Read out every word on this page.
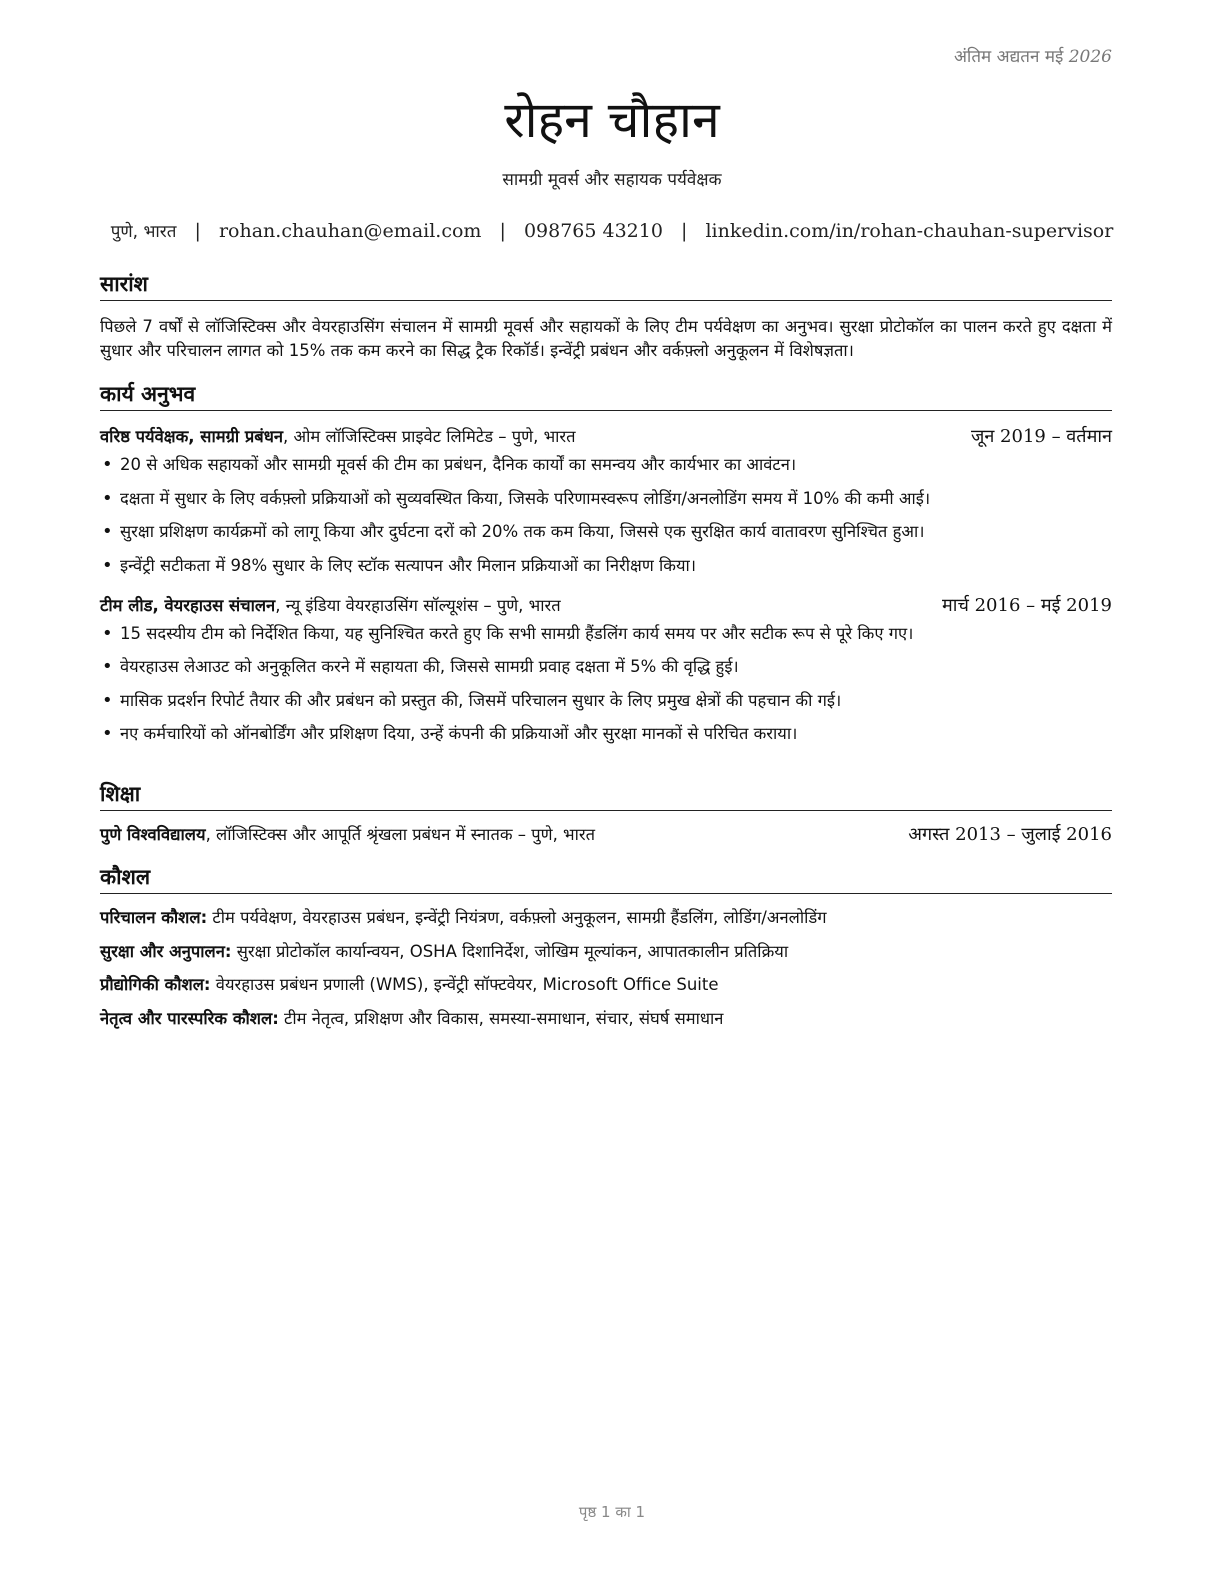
अंतिम अद्यतन मई 2026
रोहन चौहान
सामग्री मूवर्स और सहायक पर्यवेक्षक
पुणे, भारत | rohan.chauhan@email.com | 098765 43210 | linkedin.com/in/rohan-chauhan-supervisor
सारांश
पिछले 7 वर्षों से लॉजिस्टिक्स और वेयरहाउसिंग संचालन में सामग्री मूवर्स और सहायकों के लिए टीम पर्यवेक्षण का अनुभव। सुरक्षा प्रोटोकॉल का पालन करते हुए दक्षता में सुधार और परिचालन लागत को 15% तक कम करने का सिद्ध ट्रैक रिकॉर्ड। इन्वेंट्री प्रबंधन और वर्कफ़्लो अनुकूलन में विशेषज्ञता।
कार्य अनुभव
वरिष्ठ पर्यवेक्षक, सामग्री प्रबंधन, ओम लॉजिस्टिक्स प्राइवेट लिमिटेड – पुणे, भारत	जून 2019 – वर्तमान
• 20 से अधिक सहायकों और सामग्री मूवर्स की टीम का प्रबंधन, दैनिक कार्यों का समन्वय और कार्यभार का आवंटन।
• दक्षता में सुधार के लिए वर्कफ़्लो प्रक्रियाओं को सुव्यवस्थित किया, जिसके परिणामस्वरूप लोडिंग/अनलोडिंग समय में 10% की कमी आई।
• सुरक्षा प्रशिक्षण कार्यक्रमों को लागू किया और दुर्घटना दरों को 20% तक कम किया, जिससे एक सुरक्षित कार्य वातावरण सुनिश्चित हुआ।
• इन्वेंट्री सटीकता में 98% सुधार के लिए स्टॉक सत्यापन और मिलान प्रक्रियाओं का निरीक्षण किया।
टीम लीड, वेयरहाउस संचालन, न्यू इंडिया वेयरहाउसिंग सॉल्यूशंस – पुणे, भारत	मार्च 2016 – मई 2019
• 15 सदस्यीय टीम को निर्देशित किया, यह सुनिश्चित करते हुए कि सभी सामग्री हैंडलिंग कार्य समय पर और सटीक रूप से पूरे किए गए।
• वेयरहाउस लेआउट को अनुकूलित करने में सहायता की, जिससे सामग्री प्रवाह दक्षता में 5% की वृद्धि हुई।
• मासिक प्रदर्शन रिपोर्ट तैयार की और प्रबंधन को प्रस्तुत की, जिसमें परिचालन सुधार के लिए प्रमुख क्षेत्रों की पहचान की गई।
• नए कर्मचारियों को ऑनबोर्डिंग और प्रशिक्षण दिया, उन्हें कंपनी की प्रक्रियाओं और सुरक्षा मानकों से परिचित कराया।
शिक्षा
पुणे विश्वविद्यालय, लॉजिस्टिक्स और आपूर्ति श्रृंखला प्रबंधन में स्नातक – पुणे, भारत	अगस्त 2013 – जुलाई 2016
कौशल
परिचालन कौशल: टीम पर्यवेक्षण, वेयरहाउस प्रबंधन, इन्वेंट्री नियंत्रण, वर्कफ़्लो अनुकूलन, सामग्री हैंडलिंग, लोडिंग/अनलोडिंग
सुरक्षा और अनुपालन: सुरक्षा प्रोटोकॉल कार्यान्वयन, OSHA दिशानिर्देश, जोखिम मूल्यांकन, आपातकालीन प्रतिक्रिया
प्रौद्योगिकी कौशल: वेयरहाउस प्रबंधन प्रणाली (WMS), इन्वेंट्री सॉफ्टवेयर, Microsoft Office Suite
नेतृत्व और पारस्परिक कौशल: टीम नेतृत्व, प्रशिक्षण और विकास, समस्या-समाधान, संचार, संघर्ष समाधान
पृष्ठ 1 का 1
